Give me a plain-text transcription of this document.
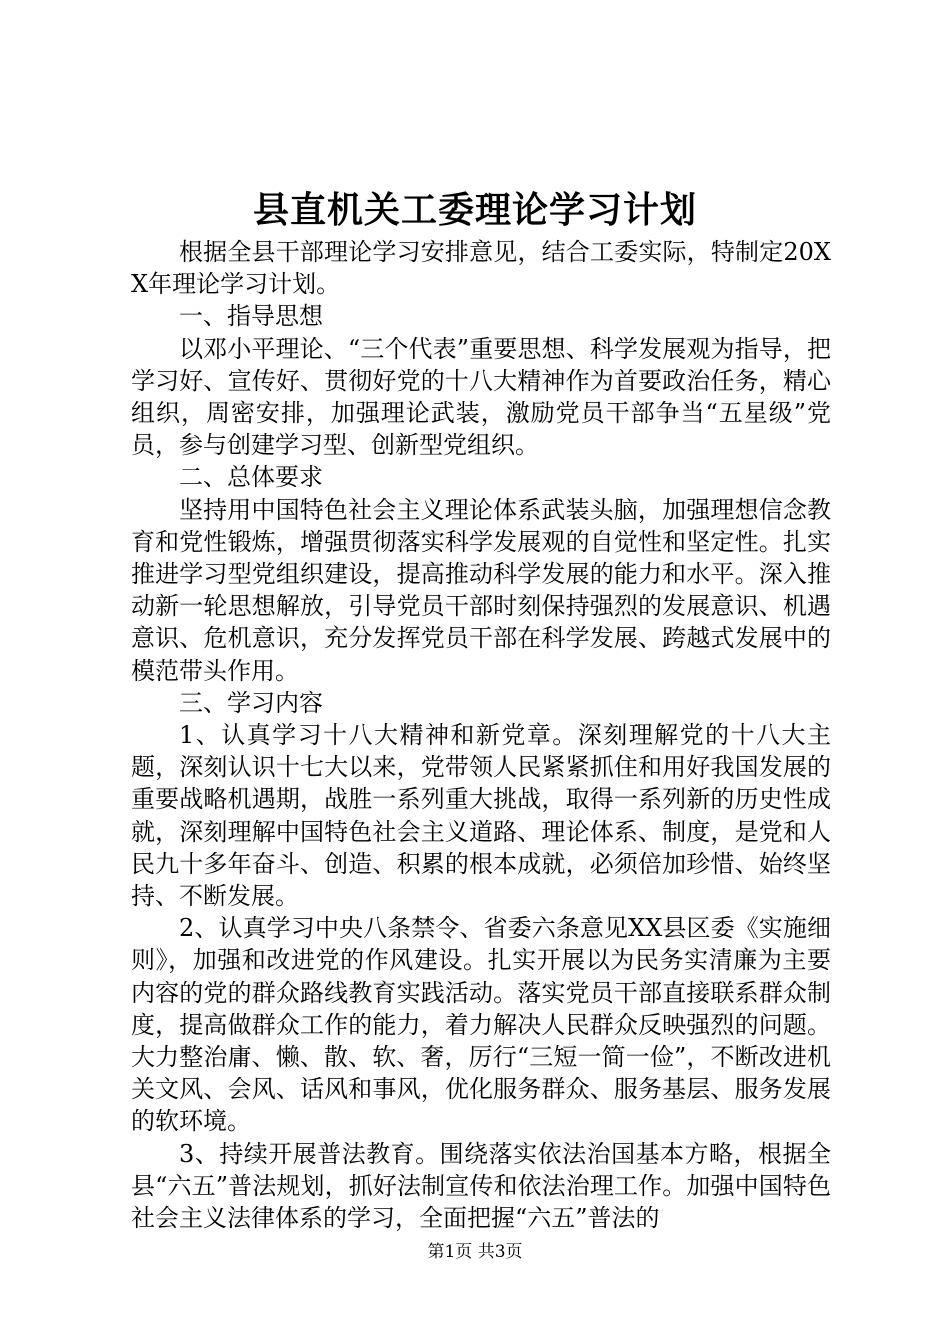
县直机关工委理论学习计划

根据全县干部理论学习安排意见，结合工委实际，特制定20XX年理论学习计划。

一、指导思想

以邓小平理论、“三个代表”重要思想、科学发展观为指导，把学习好、宣传好、贯彻好党的十八大精神作为首要政治任务，精心组织，周密安排，加强理论武装，激励党员干部争当“五星级”党员，参与创建学习型、创新型党组织。

二、总体要求

坚持用中国特色社会主义理论体系武装头脑，加强理想信念教育和党性锻炼，增强贯彻落实科学发展观的自觉性和坚定性。扎实推进学习型党组织建设，提高推动科学发展的能力和水平。深入推动新一轮思想解放，引导党员干部时刻保持强烈的发展意识、机遇意识、危机意识，充分发挥党员干部在科学发展、跨越式发展中的模范带头作用。

三、学习内容

1、认真学习十八大精神和新党章。深刻理解党的十八大主题，深刻认识十七大以来，党带领人民紧紧抓住和用好我国发展的重要战略机遇期，战胜一系列重大挑战，取得一系列新的历史性成就，深刻理解中国特色社会主义道路、理论体系、制度，是党和人民九十多年奋斗、创造、积累的根本成就，必须倍加珍惜、始终坚持、不断发展。

2、认真学习中央八条禁令、省委六条意见XX县区委《实施细则》，加强和改进党的作风建设。扎实开展以为民务实清廉为主要内容的党的群众路线教育实践活动。落实党员干部直接联系群众制度，提高做群众工作的能力，着力解决人民群众反映强烈的问题。大力整治庸、懒、散、软、奢，厉行“三短一简一俭”，不断改进机关文风、会风、话风和事风，优化服务群众、服务基层、服务发展的软环境。

3、持续开展普法教育。围绕落实依法治国基本方略，根据全县“六五”普法规划，抓好法制宣传和依法治理工作。加强中国特色社会主义法律体系的学习，全面把握“六五”普法的

第1页 共3页
